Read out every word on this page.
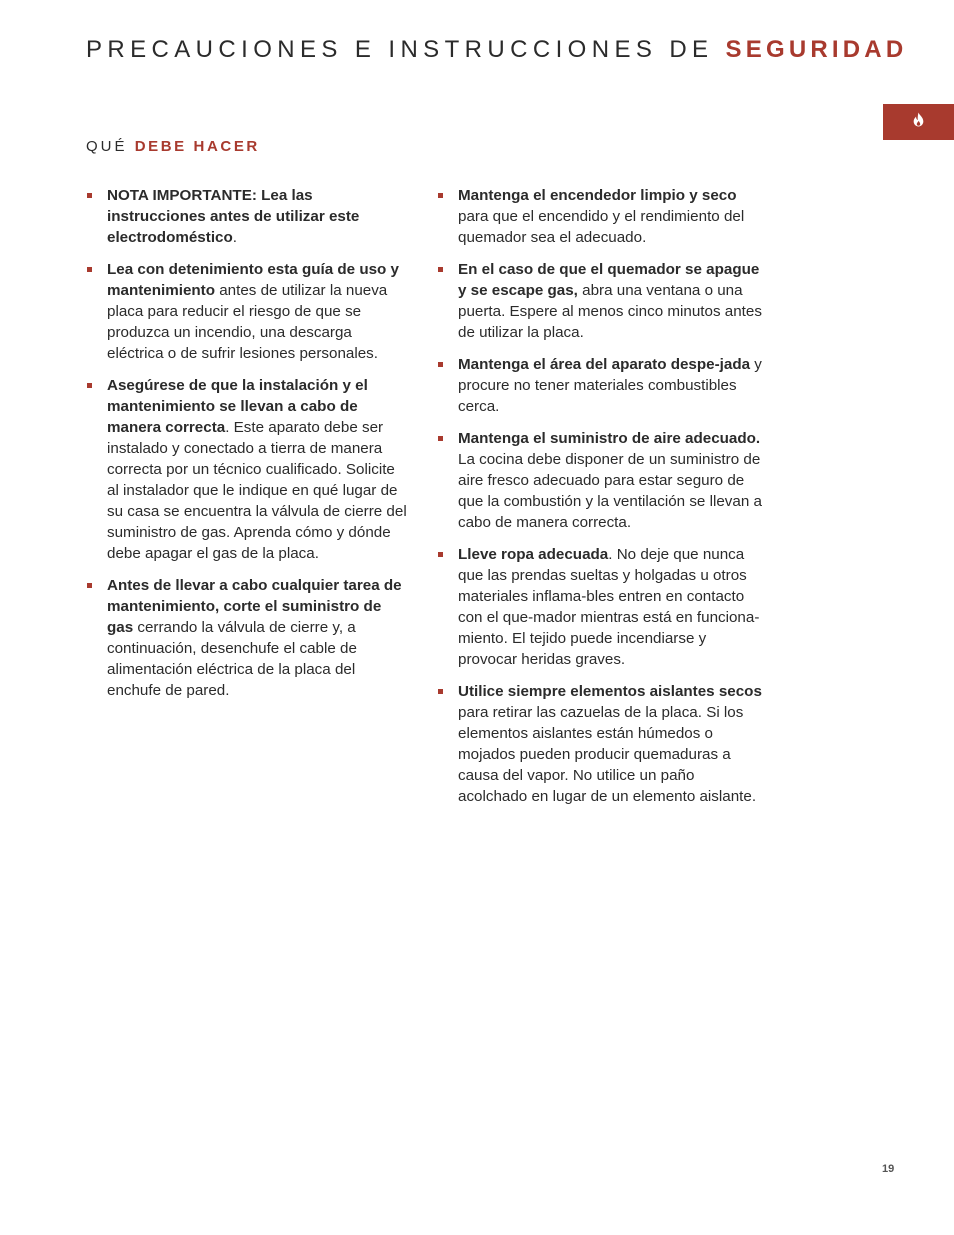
PRECAUCIONES E INSTRUCCIONES DE SEGURIDAD
QUÉ DEBE HACER
NOTA IMPORTANTE: Lea las instrucciones antes de utilizar este electrodoméstico.
Lea con detenimiento esta guía de uso y mantenimiento antes de utilizar la nueva placa para reducir el riesgo de que se produzca un incendio, una descarga eléctrica o de sufrir lesiones personales.
Asegúrese de que la instalación y el mantenimiento se llevan a cabo de manera correcta. Este aparato debe ser instalado y conectado a tierra de manera correcta por un técnico cualificado. Solicite al instalador que le indique en qué lugar de su casa se encuentra la válvula de cierre del suministro de gas. Aprenda cómo y dónde debe apagar el gas de la placa.
Antes de llevar a cabo cualquier tarea de mantenimiento, corte el suministro de gas cerrando la válvula de cierre y, a continuación, desenchufe el cable de alimentación eléctrica de la placa del enchufe de pared.
Mantenga el encendedor limpio y seco para que el encendido y el rendimiento del quemador sea el adecuado.
En el caso de que el quemador se apague y se escape gas, abra una ventana o una puerta. Espere al menos cinco minutos antes de utilizar la placa.
Mantenga el área del aparato despe-jada y procure no tener materiales combustibles cerca.
Mantenga el suministro de aire adecuado. La cocina debe disponer de un suministro de aire fresco adecuado para estar seguro de que la combustión y la ventilación se llevan a cabo de manera correcta.
Lleve ropa adecuada. No deje que nunca que las prendas sueltas y holgadas u otros materiales inflama-bles entren en contacto con el que-mador mientras está en funciona-miento. El tejido puede incendiarse y provocar heridas graves.
Utilice siempre elementos aislantes secos para retirar las cazuelas de la placa. Si los elementos aislantes están húmedos o mojados pueden producir quemaduras a causa del vapor. No utilice un paño acolchado en lugar de un elemento aislante.
19
